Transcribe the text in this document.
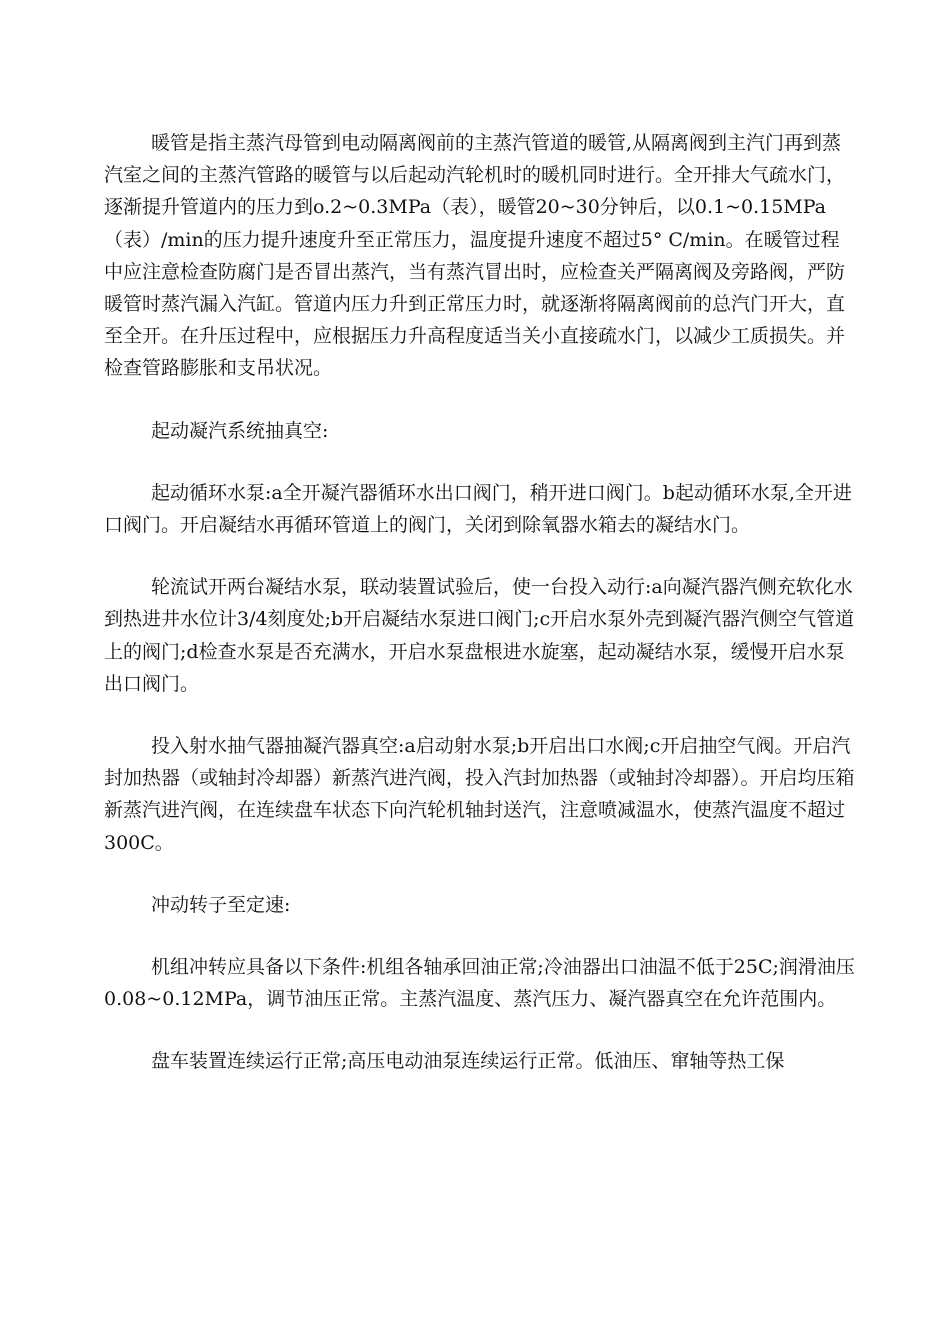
暖管是指主蒸汽母管到电动隔离阀前的主蒸汽管道的暖管,从隔离阀到主汽门再到蒸汽室之间的主蒸汽管路的暖管与以后起动汽轮机时的暖机同时进行。全开排大气疏水门，逐渐提升管道内的压力到o.2~0.3MPa（表），暖管20~30分钟后，以0.1~0.15MPa（表）/min的压力提升速度升至正常压力，温度提升速度不超过5° C/min。在暖管过程中应注意检查防腐门是否冒出蒸汽，当有蒸汽冒出时，应检查关严隔离阀及旁路阀，严防暖管时蒸汽漏入汽缸。管道内压力升到正常压力时，就逐渐将隔离阀前的总汽门开大，直至全开。在升压过程中，应根据压力升高程度适当关小直接疏水门，以减少工质损失。并检查管路膨胀和支吊状况。

起动凝汽系统抽真空:

起动循环水泵:a全开凝汽器循环水出口阀门，稍开进口阀门。b起动循环水泵,全开进口阀门。开启凝结水再循环管道上的阀门，关闭到除氧器水箱去的凝结水门。

轮流试开两台凝结水泵，联动装置试验后，使一台投入动行:a向凝汽器汽侧充软化水到热进井水位计3/4刻度处;b开启凝结水泵进口阀门;c开启水泵外壳到凝汽器汽侧空气管道上的阀门;d检查水泵是否充满水，开启水泵盘根进水旋塞，起动凝结水泵，缓慢开启水泵出口阀门。

投入射水抽气器抽凝汽器真空:a启动射水泵;b开启出口水阀;c开启抽空气阀。开启汽封加热器（或轴封冷却器）新蒸汽进汽阀，投入汽封加热器（或轴封冷却器）。开启均压箱新蒸汽进汽阀，在连续盘车状态下向汽轮机轴封送汽，注意喷减温水，使蒸汽温度不超过300C。

冲动转子至定速:

机组冲转应具备以下条件:机组各轴承回油正常;冷油器出口油温不低于25C;润滑油压0.08~0.12MPa，调节油压正常。主蒸汽温度、蒸汽压力、凝汽器真空在允许范围内。

盘车装置连续运行正常;高压电动油泵连续运行正常。低油压、窜轴等热工保
